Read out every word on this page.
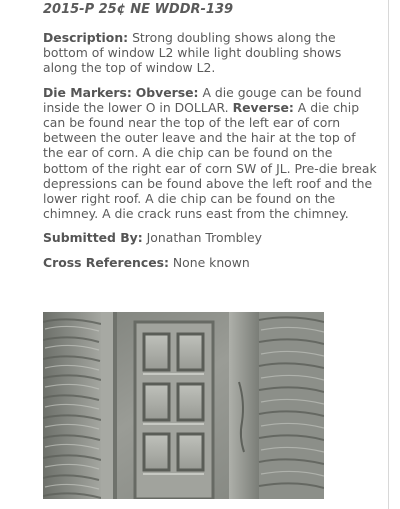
2015-P 25¢ NE WDDR-139

Description: Strong doubling shows along the bottom of window L2 while light doubling shows along the top of window L2.

Die Markers: Obverse: A die gouge can be found inside the lower O in DOLLAR. Reverse: A die chip can be found near the top of the left ear of corn between the outer leave and the hair at the top of the ear of corn. A die chip can be found on the bottom of the right ear of corn SW of JL. Pre-die break depressions can be found above the left roof and the lower right roof. A die chip can be found on the chimney. A die crack runs east from the chimney.

Submitted By: Jonathan Trombley

Cross References: None known
